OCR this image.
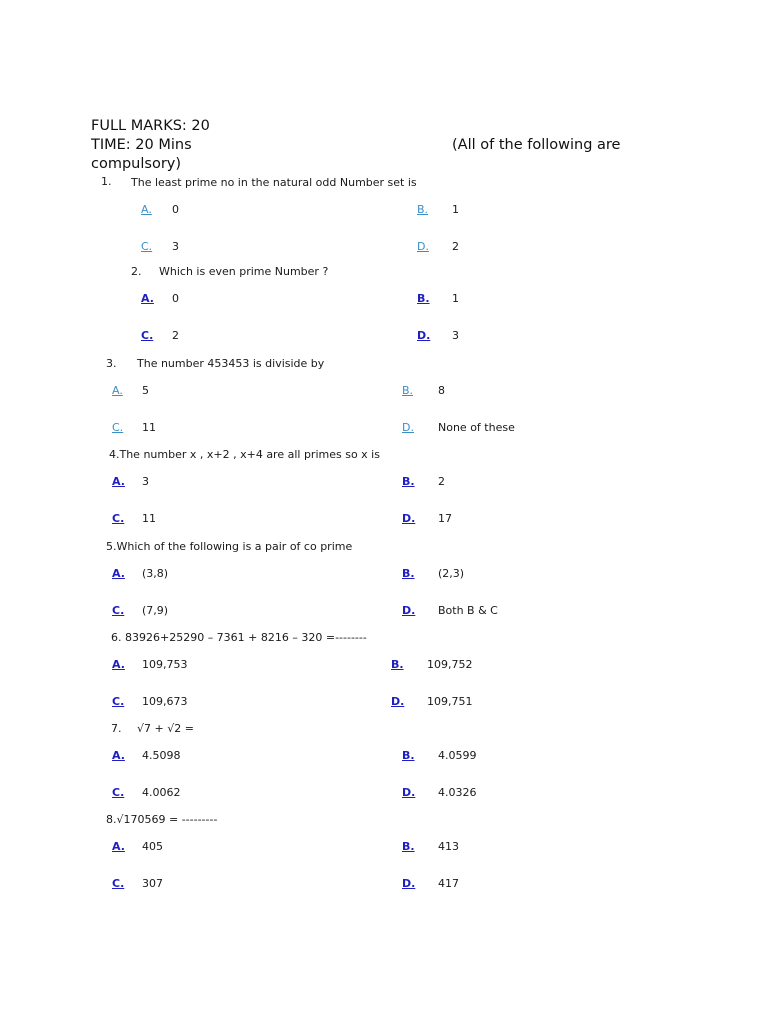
FULL MARKS: 20
TIME: 20 Mins	(All of the following are
compulsory)
1. The least prime no in the natural odd Number set is
A. 0	B. 1
C. 3	D. 2
2. Which is even prime Number ?
A. 0	B. 1
C. 2	D. 3
3. The number 453453 is diviside by
A. 5	B. 8
C. 11	D. None of these
4.The number x , x+2 , x+4 are all primes so x is
A. 3	B. 2
C. 11	D. 17
5.Which of the following is a pair of co prime
A. (3,8)	B. (2,3)
C. (7,9)	D. Both B & C
6. 83926+25290 – 7361 + 8216 – 320 =--------
A. 109,753	B. 109,752
C. 109,673	D. 109,751
7. √7 + √2 =
A. 4.5098	B. 4.0599
C. 4.0062	D. 4.0326
8.√170569 = ---------
A. 405	B. 413
C. 307	D. 417
